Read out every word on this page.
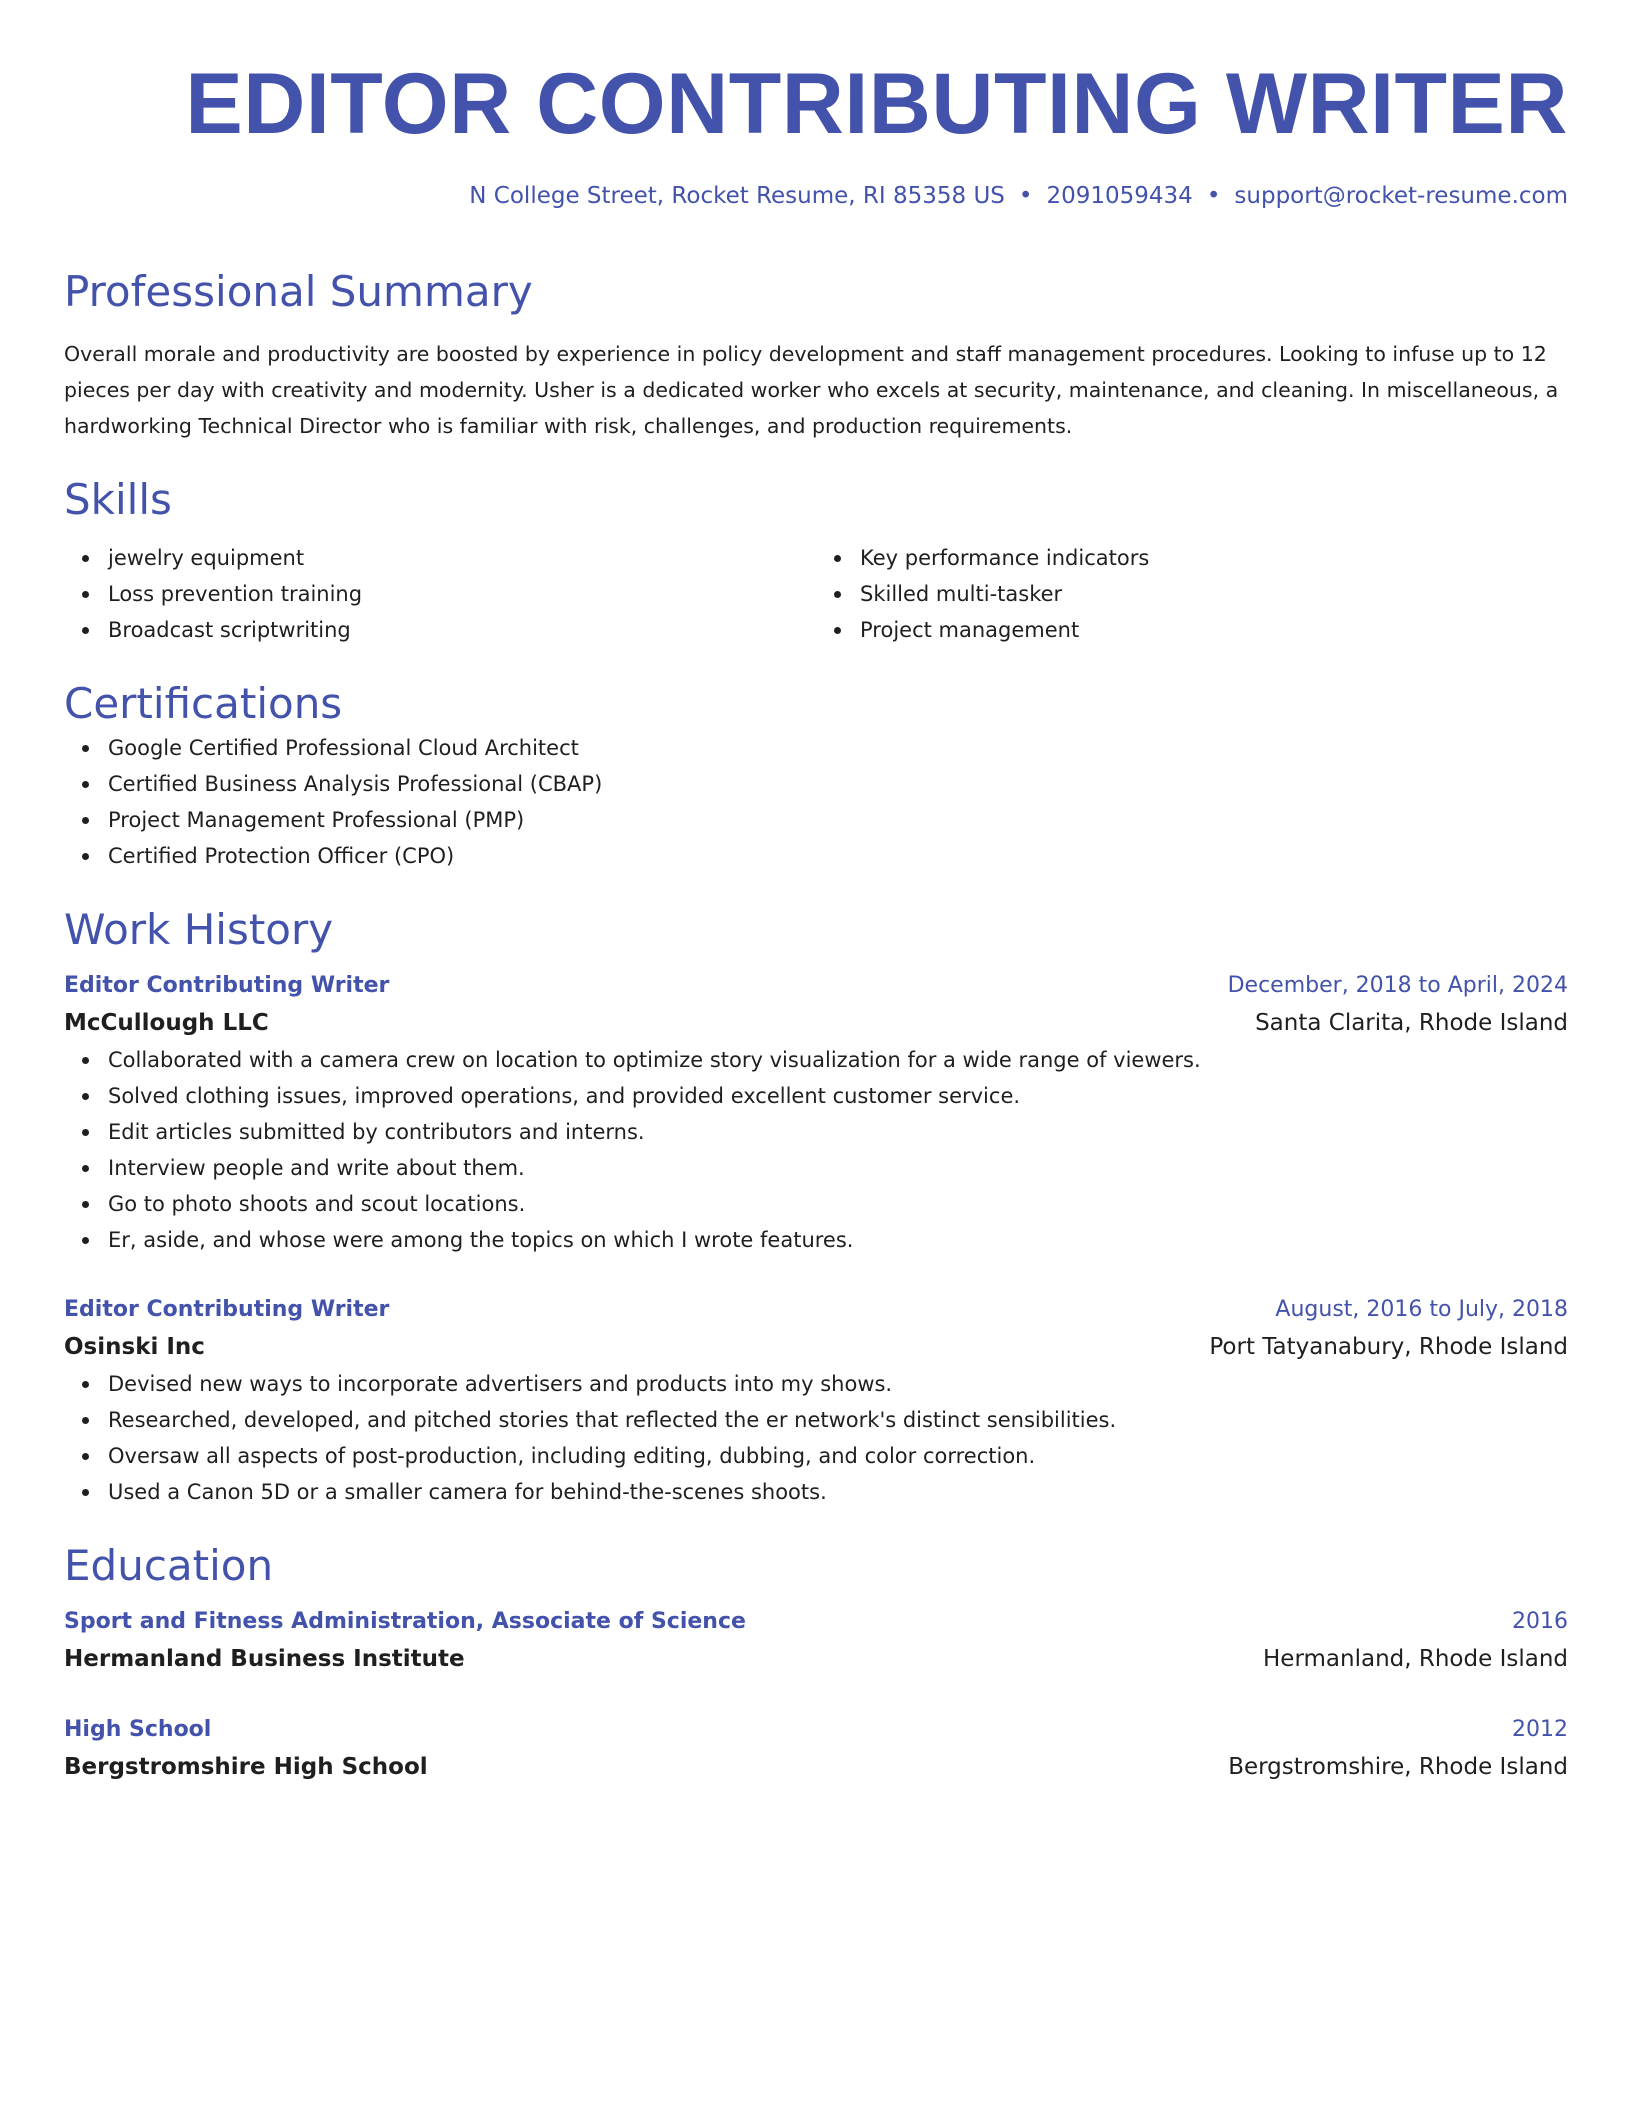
EDITOR CONTRIBUTING WRITER
N College Street, Rocket Resume, RI 85358 US • 2091059434 • support@rocket-resume.com
Professional Summary
Overall morale and productivity are boosted by experience in policy development and staff management procedures. Looking to infuse up to 12 pieces per day with creativity and modernity. Usher is a dedicated worker who excels at security, maintenance, and cleaning. In miscellaneous, a hardworking Technical Director who is familiar with risk, challenges, and production requirements.
Skills
jewelry equipment
Loss prevention training
Broadcast scriptwriting
Key performance indicators
Skilled multi-tasker
Project management
Certifications
Google Certified Professional Cloud Architect
Certified Business Analysis Professional (CBAP)
Project Management Professional (PMP)
Certified Protection Officer (CPO)
Work History
Editor Contributing Writer	December, 2018 to April, 2024
McCullough LLC	Santa Clarita, Rhode Island
Collaborated with a camera crew on location to optimize story visualization for a wide range of viewers.
Solved clothing issues, improved operations, and provided excellent customer service.
Edit articles submitted by contributors and interns.
Interview people and write about them.
Go to photo shoots and scout locations.
Er, aside, and whose were among the topics on which I wrote features.
Editor Contributing Writer	August, 2016 to July, 2018
Osinski Inc	Port Tatyanabury, Rhode Island
Devised new ways to incorporate advertisers and products into my shows.
Researched, developed, and pitched stories that reflected the er network's distinct sensibilities.
Oversaw all aspects of post-production, including editing, dubbing, and color correction.
Used a Canon 5D or a smaller camera for behind-the-scenes shoots.
Education
Sport and Fitness Administration, Associate of Science	2016
Hermanland Business Institute	Hermanland, Rhode Island
High School	2012
Bergstromshire High School	Bergstromshire, Rhode Island
